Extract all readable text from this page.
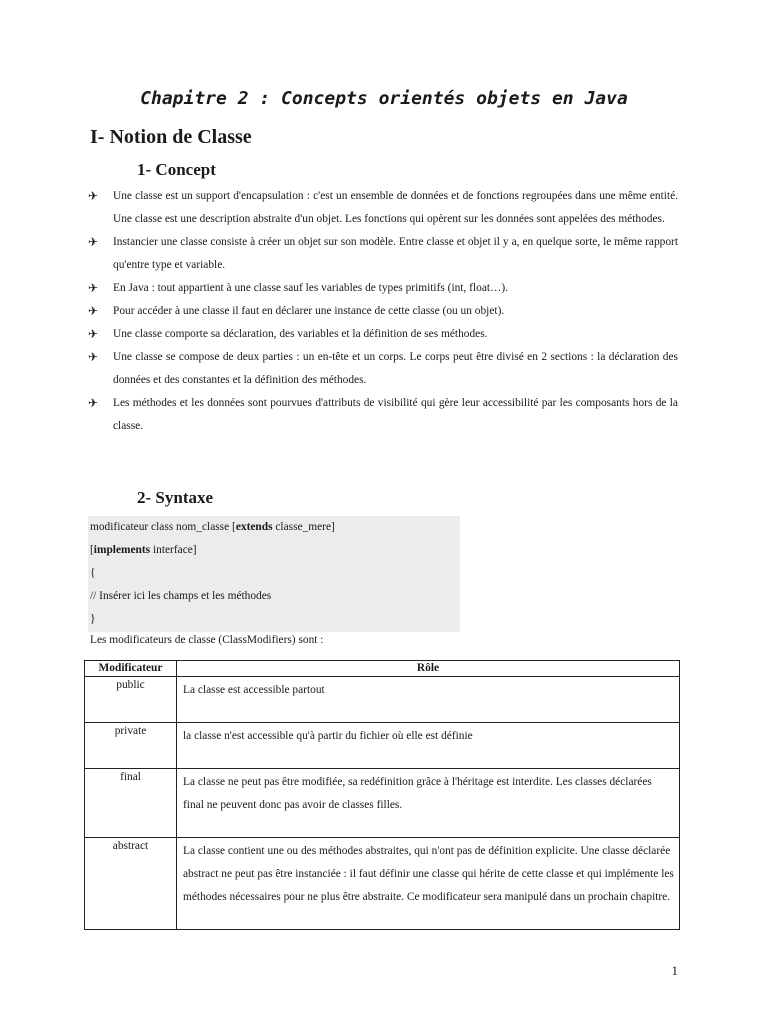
Chapitre 2 : Concepts orientés objets en Java
I- Notion de Classe
1- Concept
✈ Une classe est un support d'encapsulation : c'est un ensemble de données et de fonctions regroupées dans une même entité. Une classe est une description abstraite d'un objet. Les fonctions qui opèrent sur les données sont appelées des méthodes.
✈ Instancier une classe consiste à créer un objet sur son modèle. Entre classe et objet il y a, en quelque sorte, le même rapport qu'entre type et variable.
✈ En Java : tout appartient à une classe sauf les variables de types primitifs (int, float…).
✈ Pour accéder à une classe il faut en déclarer une instance de cette classe (ou un objet).
✈ Une classe comporte sa déclaration, des variables et la définition de ses méthodes.
✈ Une classe se compose de deux parties : un en-tête et un corps. Le corps peut être divisé en 2 sections : la déclaration des données et des constantes et la définition des méthodes.
✈ Les méthodes et les données sont pourvues d'attributs de visibilité qui gère leur accessibilité par les composants hors de la classe.
2- Syntaxe
modificateur class nom_classe [extends classe_mere]
[implements interface]
{
// Insérer ici les champs et les méthodes
}
Les modificateurs de classe (ClassModifiers) sont :
Modificateur	Rôle
public	La classe est accessible partout
private	la classe n'est accessible qu'à partir du fichier où elle est définie
final	La classe ne peut pas être modifiée, sa redéfinition grâce à l'héritage est interdite. Les classes déclarées final ne peuvent donc pas avoir de classes filles.
abstract	La classe contient une ou des méthodes abstraites, qui n'ont pas de définition explicite. Une classe déclarée abstract ne peut pas être instanciée : il faut définir une classe qui hérite de cette classe et qui implémente les méthodes nécessaires pour ne plus être abstraite. Ce modificateur sera manipulé dans un prochain chapitre.
1
